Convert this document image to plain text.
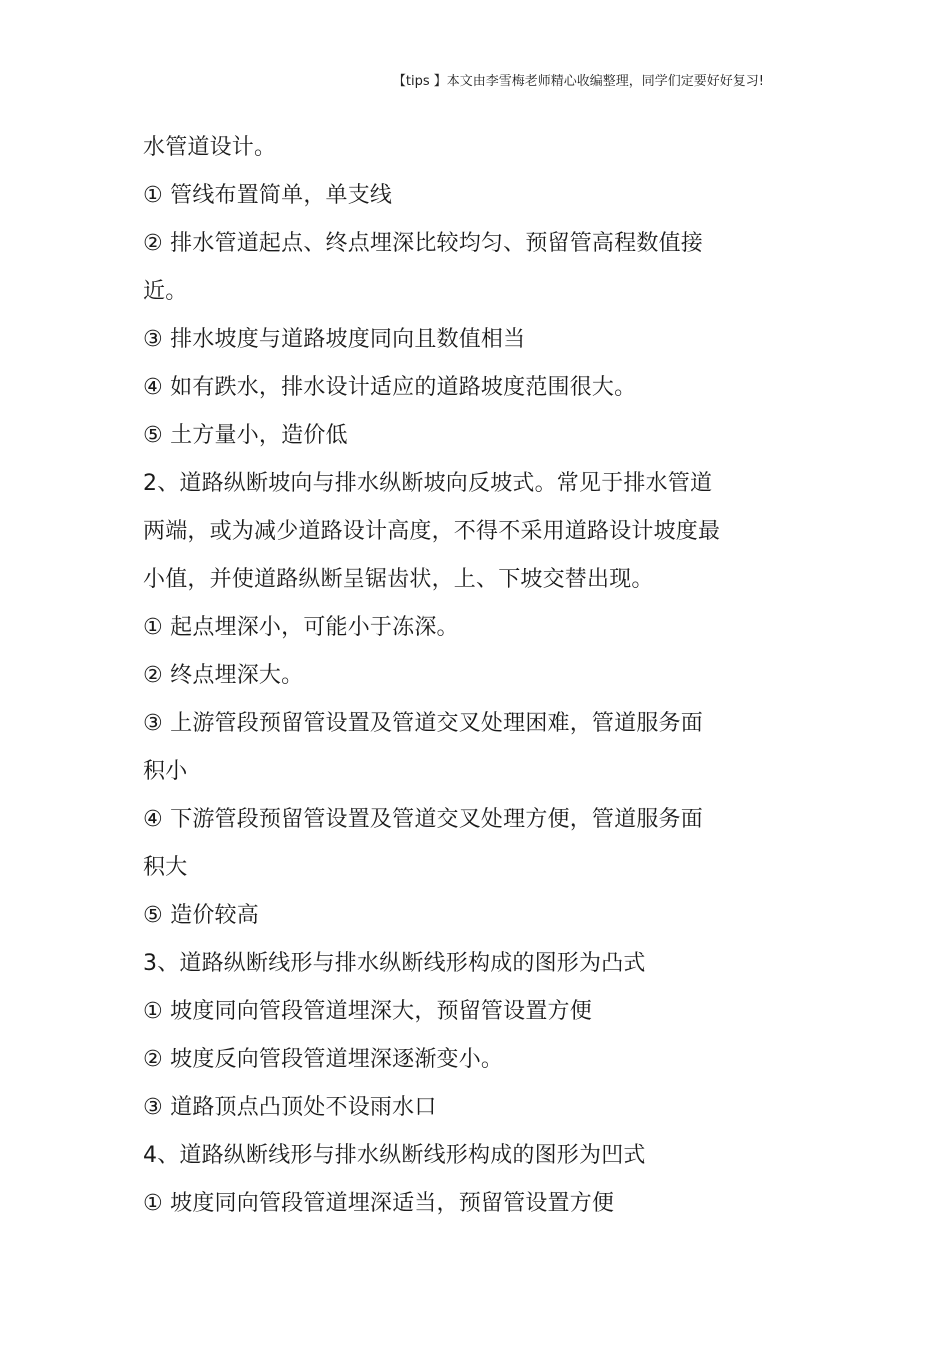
【tips 】本文由李雪梅老师精心收编整理，同学们定要好好复习!
水管道设计。
① 管线布置简单，单支线
② 排水管道起点、终点埋深比较均匀、预留管高程数值接
近。
③ 排水坡度与道路坡度同向且数值相当
④ 如有跌水，排水设计适应的道路坡度范围很大。
⑤ 土方量小，造价低
2、道路纵断坡向与排水纵断坡向反坡式。常见于排水管道
两端，或为减少道路设计高度，不得不采用道路设计坡度最
小值，并使道路纵断呈锯齿状，上、下坡交替出现。
① 起点埋深小，可能小于冻深。
② 终点埋深大。
③ 上游管段预留管设置及管道交叉处理困难，管道服务面
积小
④ 下游管段预留管设置及管道交叉处理方便，管道服务面
积大
⑤ 造价较高
3、道路纵断线形与排水纵断线形构成的图形为凸式
① 坡度同向管段管道埋深大，预留管设置方便
② 坡度反向管段管道埋深逐渐变小。
③ 道路顶点凸顶处不设雨水口
4、道路纵断线形与排水纵断线形构成的图形为凹式
① 坡度同向管段管道埋深适当，预留管设置方便
